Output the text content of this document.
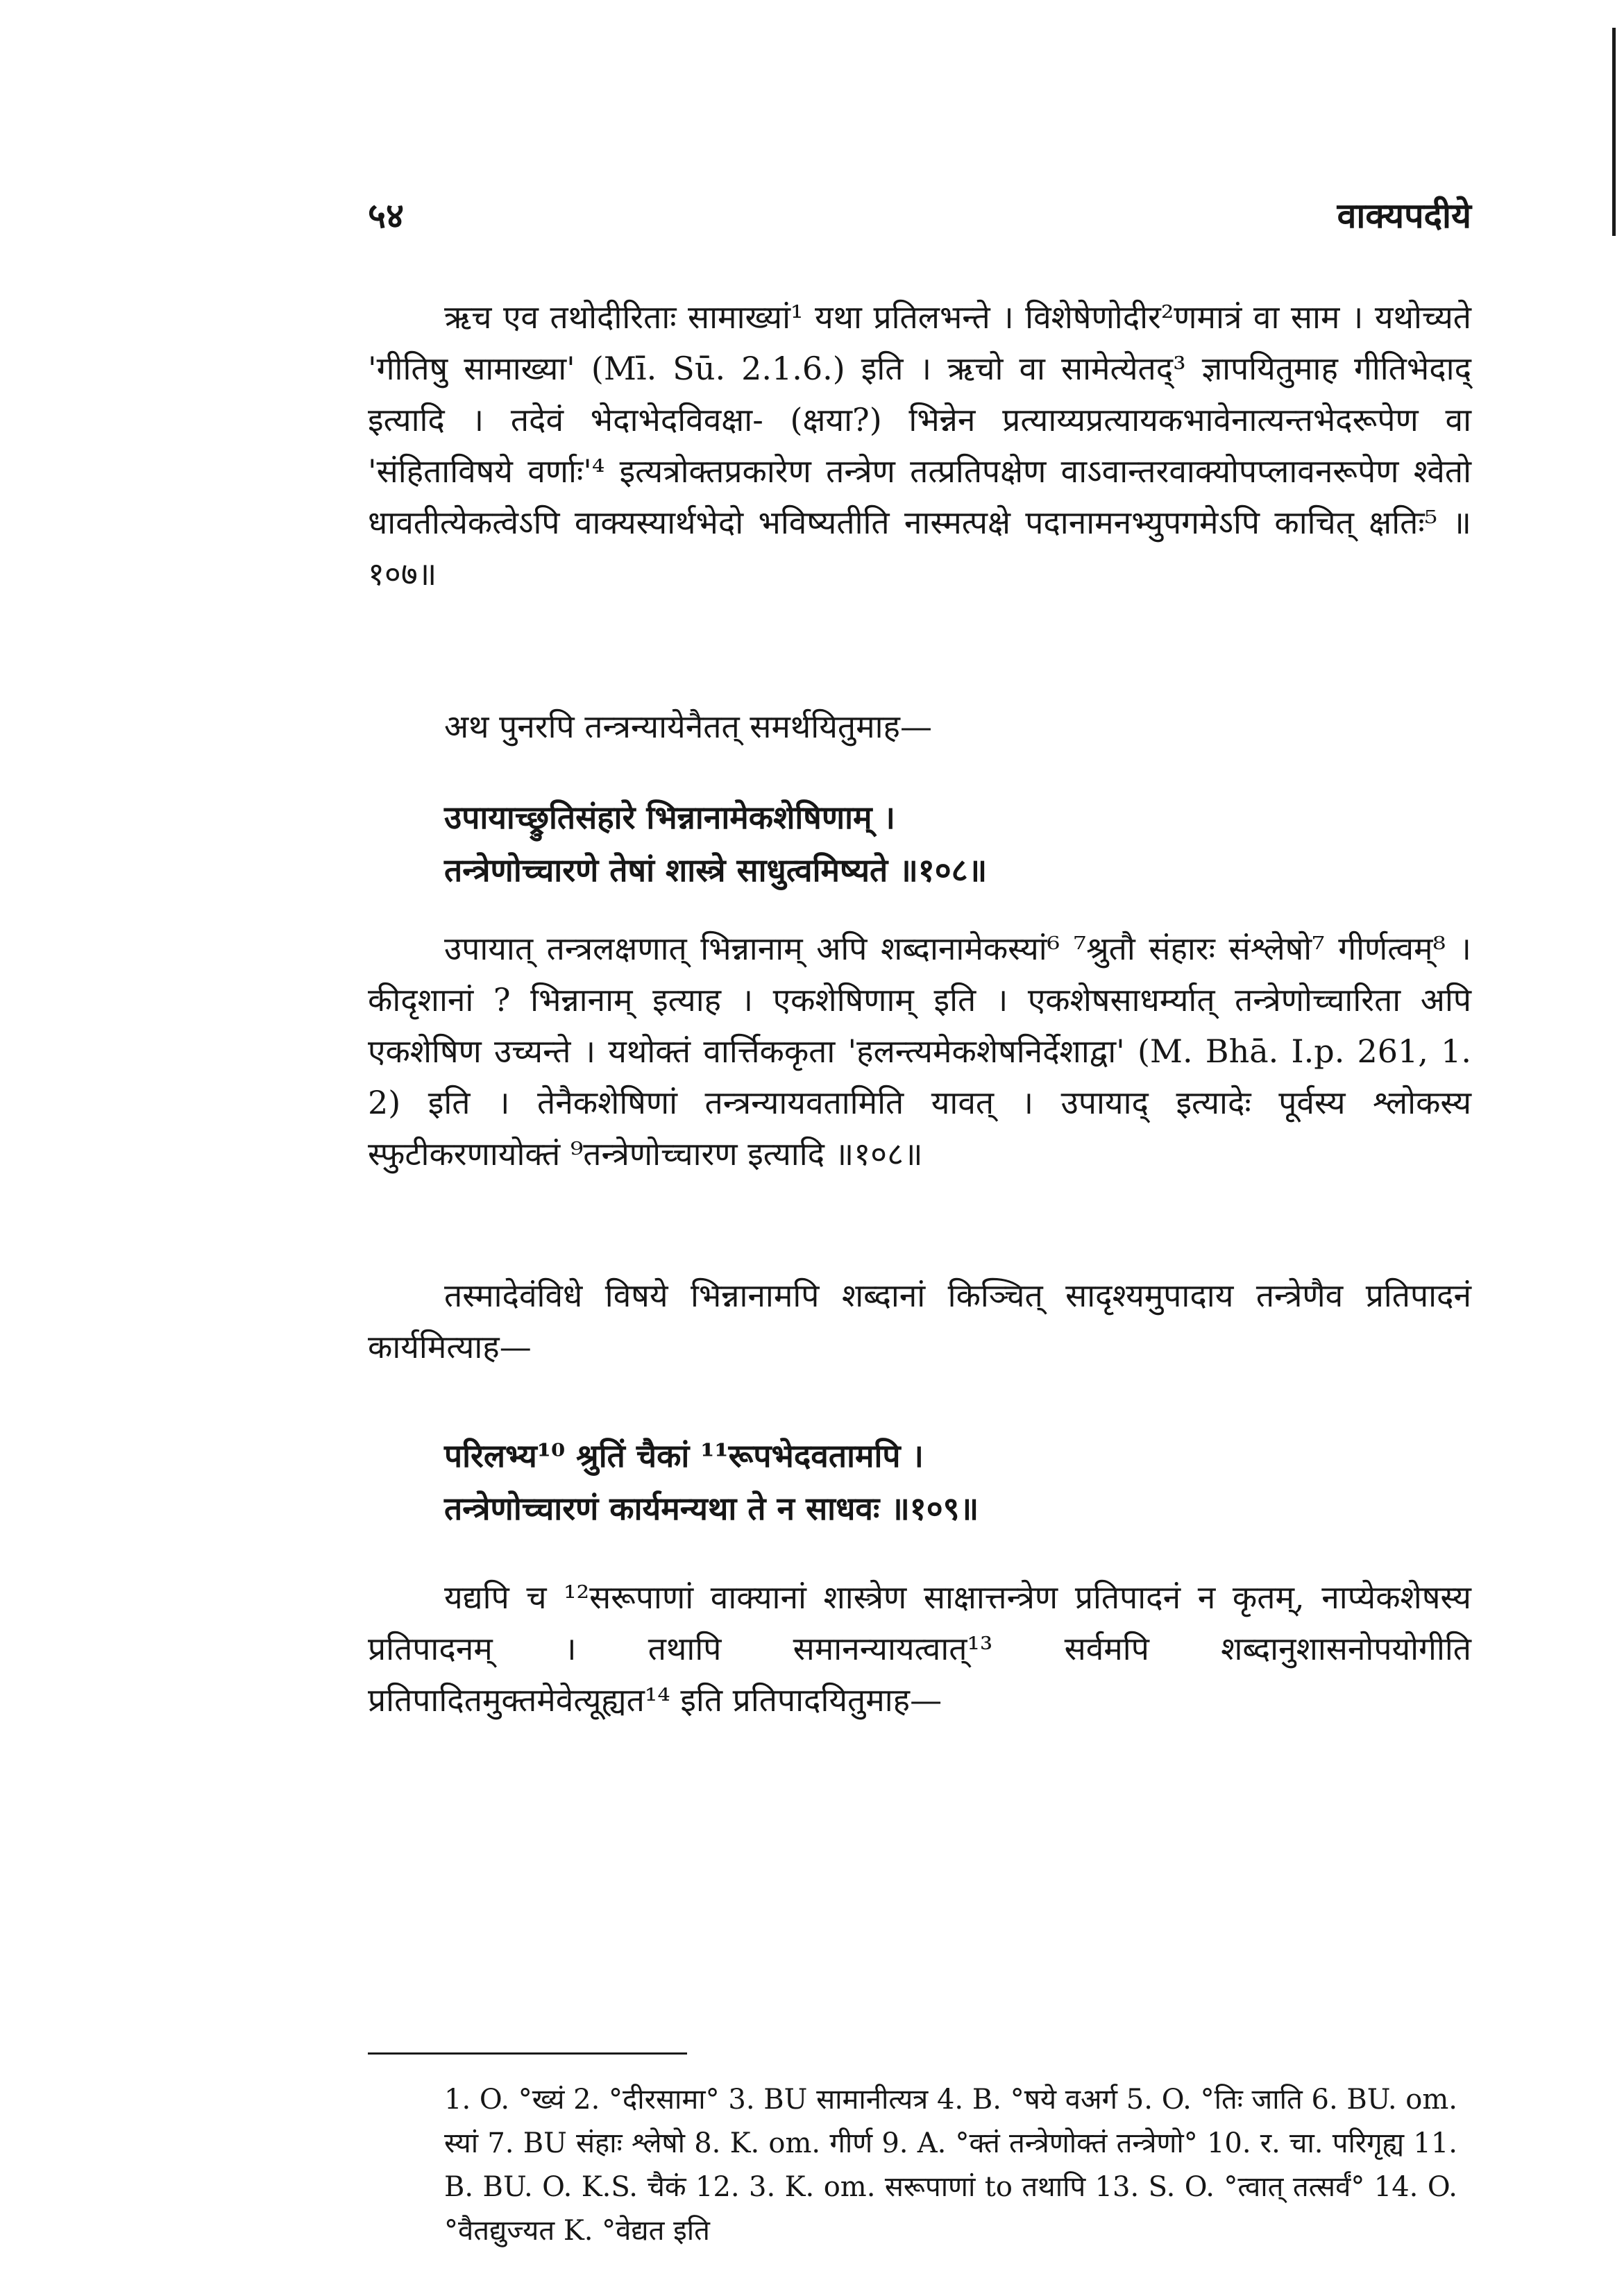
५४	वाक्यपदीये

ऋच एव तथोदीरिताः सामाख्यां¹ यथा प्रतिलभन्ते । विशेषेणोदीर²णमात्रं वा साम । यथोच्यते 'गीतिषु सामाख्या' (Mī. Sū. 2.1.6.) इति । ऋचो वा सामेत्येतद्³ ज्ञापयितुमाह गीतिभेदाद् इत्यादि । तदेवं भेदाभेदविवक्षा- (क्षया?) भिन्नेन प्रत्याय्यप्रत्यायकभावेनात्यन्तभेदरूपेण वा 'संहिताविषये वर्णाः'⁴ इत्यत्रोक्तप्रकारेण तन्त्रेण तत्प्रतिपक्षेण वाऽवान्तरवाक्योपप्लावनरूपेण श्वेतो धावतीत्येकत्वेऽपि वाक्यस्यार्थभेदो भविष्यतीति नास्मत्पक्षे पदानामनभ्युपगमेऽपि काचित् क्षतिः⁵ ॥१०७॥

अथ पुनरपि तन्त्रन्यायेनैतत् समर्थयितुमाह—

उपायाच्छ्रुतिसंहारे भिन्नानामेकशेषिणाम् ।
तन्त्रेणोच्चारणे तेषां शास्त्रे साधुत्वमिष्यते ॥१०८॥

उपायात् तन्त्रलक्षणात् भिन्नानाम् अपि शब्दानामेकस्यां⁶ ⁷श्रुतौ संहारः संश्लेषो⁷ गीर्णत्वम्⁸ । कीदृशानां ? भिन्नानाम् इत्याह । एकशेषिणाम् इति । एकशेषसाधर्म्यात् तन्त्रेणोच्चारिता अपि एकशेषिण उच्यन्ते । यथोक्तं वार्त्तिककृता 'हलन्त्यमेकशेषनिर्देशाद्वा' (M. Bhā. I.p. 261, 1. 2) इति । तेनैकशेषिणां तन्त्रन्यायवतामिति यावत् । उपायाद् इत्यादेः पूर्वस्य श्लोकस्य स्फुटीकरणायोक्तं ⁹तन्त्रेणोच्चारण इत्यादि ॥१०८॥

तस्मादेवंविधे विषये भिन्नानामपि शब्दानां किञ्चित् सादृश्यमुपादाय तन्त्रेणैव प्रतिपादनं कार्यमित्याह—

परिलभ्य¹⁰ श्रुतिं चैकां ¹¹रूपभेदवतामपि ।
तन्त्रेणोच्चारणं कार्यमन्यथा ते न साधवः ॥१०९॥

यद्यपि च ¹²सरूपाणां वाक्यानां शास्त्रेण साक्षात्तन्त्रेण प्रतिपादनं न कृतम्, नाप्येकशेषस्य प्रतिपादनम् । तथापि समानन्यायत्वात्¹³ सर्वमपि शब्दानुशासनोपयोगीति प्रतिपादितमुक्तमेवेत्यूह्यत¹⁴ इति प्रतिपादयितुमाह—

1. O. °ख्यं 2. °दीरसामा° 3. BU सामानीत्यत्र 4. B. °षये वअर्ग 5. O. °तिः जाति 6. BU. om. स्यां 7. BU संहाः श्लेषो 8. K. om. गीर्ण 9. A. °क्तं तन्त्रेणोक्तं तन्त्रेणो° 10. र. चा. परिगृह्य 11. B. BU. O. K.S. चैकं 12. 3. K. om. सरूपाणां to तथापि 13. S. O. °त्वात् तत्सर्वं° 14. O. °वैतद्युज्यत K. °वेद्यत इति
